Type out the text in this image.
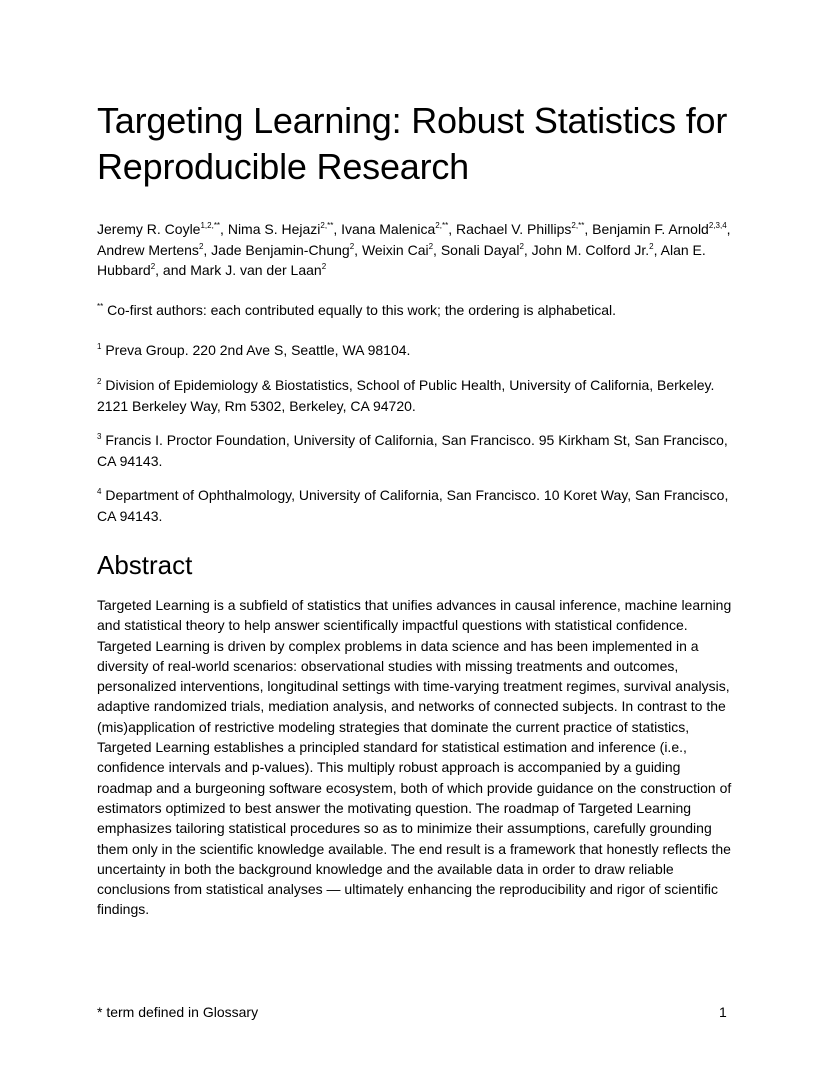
Targeting Learning: Robust Statistics for
Reproducible Research
Jeremy R. Coyle$^{1,2,**}$, Nima S. Hejazi$^{2,**}$, Ivana Malenica$^{2,**}$, Rachael V. Phillips$^{2,**}$, Benjamin F. Arnold$^{2,3,4}$, Andrew Mertens$^2$, Jade Benjamin-Chung$^2$, Weixin Cai$^2$, Sonali Dayal$^2$, John M. Colford Jr.$^2$, Alan E. Hubbard$^2$, and Mark J. van der Laan$^2$
** Co-first authors: each contributed equally to this work; the ordering is alphabetical.
$^1$ Preva Group. 220 2nd Ave S, Seattle, WA 98104.
$^2$ Division of Epidemiology & Biostatistics, School of Public Health, University of California, Berkeley. 2121 Berkeley Way, Rm 5302, Berkeley, CA 94720.
$^3$ Francis I. Proctor Foundation, University of California, San Francisco. 95 Kirkham St, San Francisco, CA 94143.
$^4$ Department of Ophthalmology, University of California, San Francisco. 10 Koret Way, San Francisco, CA 94143.
Abstract
Targeted Learning is a subfield of statistics that unifies advances in causal inference, machine learning and statistical theory to help answer scientifically impactful questions with statistical confidence. Targeted Learning is driven by complex problems in data science and has been implemented in a diversity of real-world scenarios: observational studies with missing treatments and outcomes, personalized interventions, longitudinal settings with time-varying treatment regimes, survival analysis, adaptive randomized trials, mediation analysis, and networks of connected subjects. In contrast to the (mis)application of restrictive modeling strategies that dominate the current practice of statistics, Targeted Learning establishes a principled standard for statistical estimation and inference (i.e., confidence intervals and p-values). This multiply robust approach is accompanied by a guiding roadmap and a burgeoning software ecosystem, both of which provide guidance on the construction of estimators optimized to best answer the motivating question. The roadmap of Targeted Learning emphasizes tailoring statistical procedures so as to minimize their assumptions, carefully grounding them only in the scientific knowledge available. The end result is a framework that honestly reflects the uncertainty in both the background knowledge and the available data in order to draw reliable conclusions from statistical analyses — ultimately enhancing the reproducibility and rigor of scientific findings.
* term defined in Glossary	1
